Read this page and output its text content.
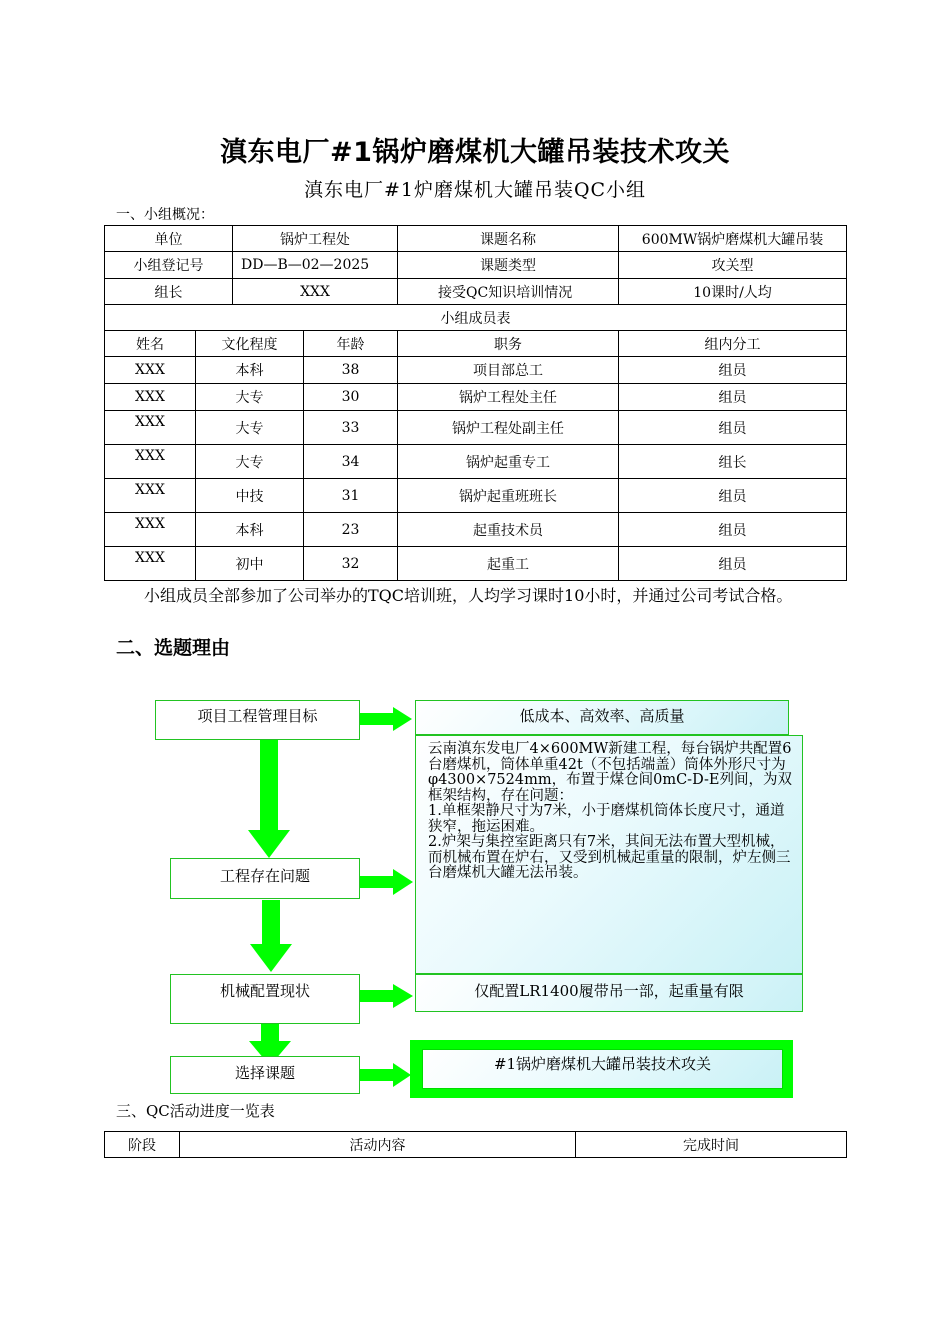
滇东电厂#1锅炉磨煤机大罐吊装技术攻关
滇东电厂#1炉磨煤机大罐吊装QC小组
一、小组概况：
单位		锅炉工程处		课题名称	600MW锅炉磨煤机大罐吊装
小组登记号		DD—B—02—2025		课题类型	攻关型
组长		XXX		接受QC知识培训情况	10课时/人均
小组成员表					
姓名	文化程度		年龄	职务	组内分工
XXX	本科		38	项目部总工	组员
XXX	大专		30	锅炉工程处主任	组员
XXX	大专		33	锅炉工程处副主任	组员
XXX	大专		34	锅炉起重专工	组长
XXX	中技		31	锅炉起重班班长	组员
XXX	本科		23	起重技术员	组员
XXX	初中		32	起重工	组员
小组成员全部参加了公司举办的TQC培训班，人均学习课时10小时，并通过公司考试合格。
二、选题理由
项目工程管理目标
工程存在问题
机械配置现状
选择课题
低成本、高效率、高质量
云南滇东发电厂4×600MW新建工程，每台锅炉共配置6台磨煤机，筒体单重42t（不包括端盖）筒体外形尺寸为φ4300×7524mm，布置于煤仓间0mC-D-E列间，为双框架结构，存在问题：
1.单框架静尺寸为7米，小于磨煤机筒体长度尺寸，通道狭窄，拖运困难。
2.炉架与集控室距离只有7米，其间无法布置大型机械，而机械布置在炉右，又受到机械起重量的限制，炉左侧三台磨煤机大罐无法吊装。
仅配置LR1400履带吊一部，起重量有限
#1锅炉磨煤机大罐吊装技术攻关
三、QC活动进度一览表
阶段	活动内容	完成时间
